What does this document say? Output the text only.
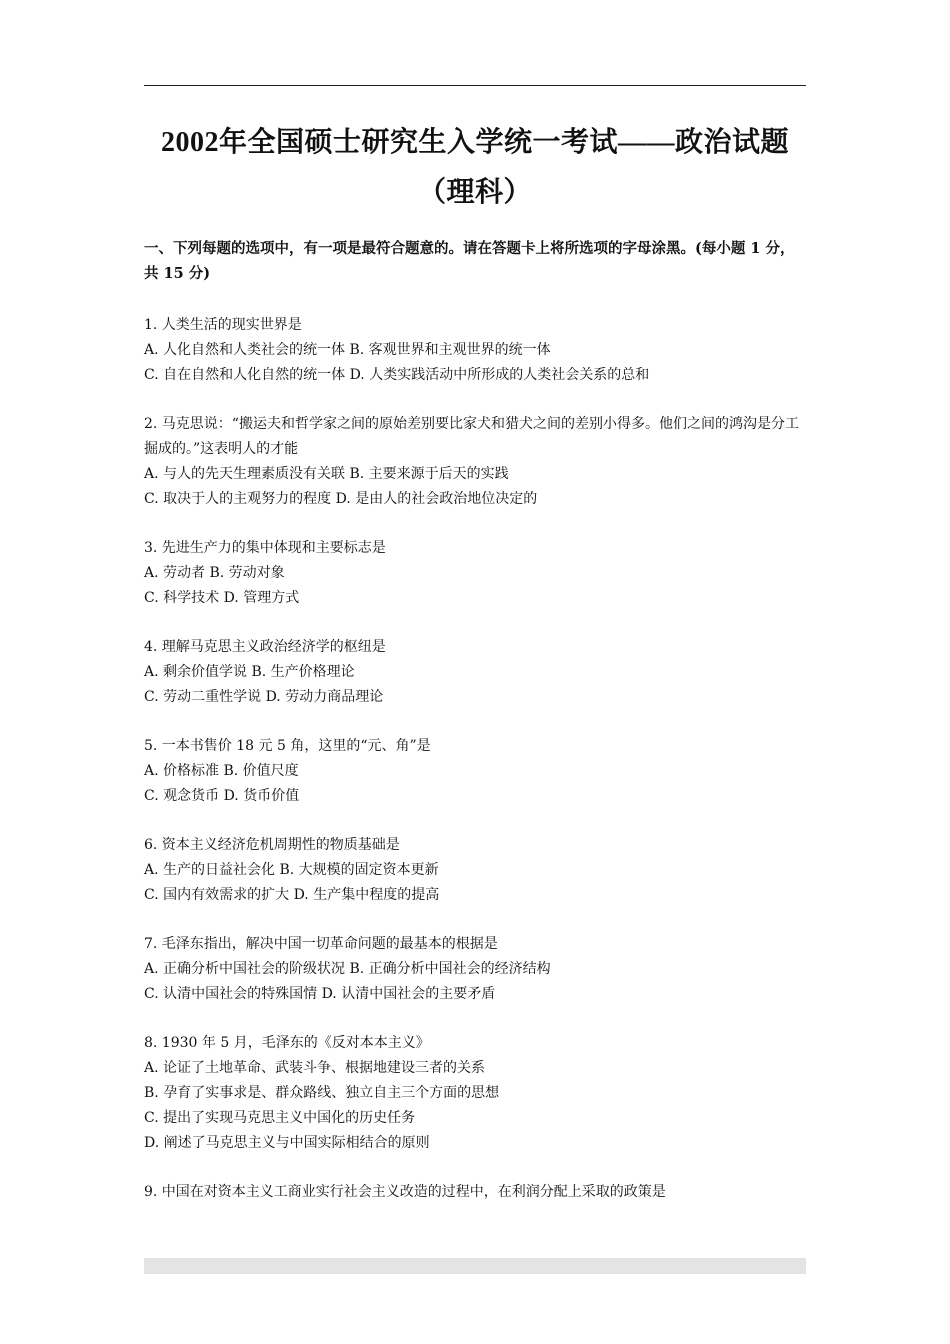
2002年全国硕士研究生入学统一考试——政治试题
（理科）
一、下列每题的选项中，有一项是最符合题意的。请在答题卡上将所选项的字母涂黑。(每小题 1 分，共 15 分)
1. 人类生活的现实世界是
A. 人化自然和人类社会的统一体 B. 客观世界和主观世界的统一体
C. 自在自然和人化自然的统一体 D. 人类实践活动中所形成的人类社会关系的总和
2. 马克思说：“搬运夫和哲学家之间的原始差别要比家犬和猎犬之间的差别小得多。他们之间的鸿沟是分工掘成的。”这表明人的才能
A. 与人的先天生理素质没有关联 B. 主要来源于后天的实践
C. 取决于人的主观努力的程度 D. 是由人的社会政治地位决定的
3. 先进生产力的集中体现和主要标志是
A. 劳动者 B. 劳动对象
C. 科学技术 D. 管理方式
4. 理解马克思主义政治经济学的枢纽是
A. 剩余价值学说 B. 生产价格理论
C. 劳动二重性学说 D. 劳动力商品理论
5. 一本书售价 18 元 5 角，这里的“元、角”是
A. 价格标准 B. 价值尺度
C. 观念货币 D. 货币价值
6. 资本主义经济危机周期性的物质基础是
A. 生产的日益社会化 B. 大规模的固定资本更新
C. 国内有效需求的扩大 D. 生产集中程度的提高
7. 毛泽东指出，解决中国一切革命问题的最基本的根据是
A. 正确分析中国社会的阶级状况 B. 正确分析中国社会的经济结构
C. 认清中国社会的特殊国情 D. 认清中国社会的主要矛盾
8. 1930 年 5 月，毛泽东的《反对本本主义》
A. 论证了土地革命、武装斗争、根据地建设三者的关系
B. 孕育了实事求是、群众路线、独立自主三个方面的思想
C. 提出了实现马克思主义中国化的历史任务
D. 阐述了马克思主义与中国实际相结合的原则
9. 中国在对资本主义工商业实行社会主义改造的过程中，在利润分配上采取的政策是
